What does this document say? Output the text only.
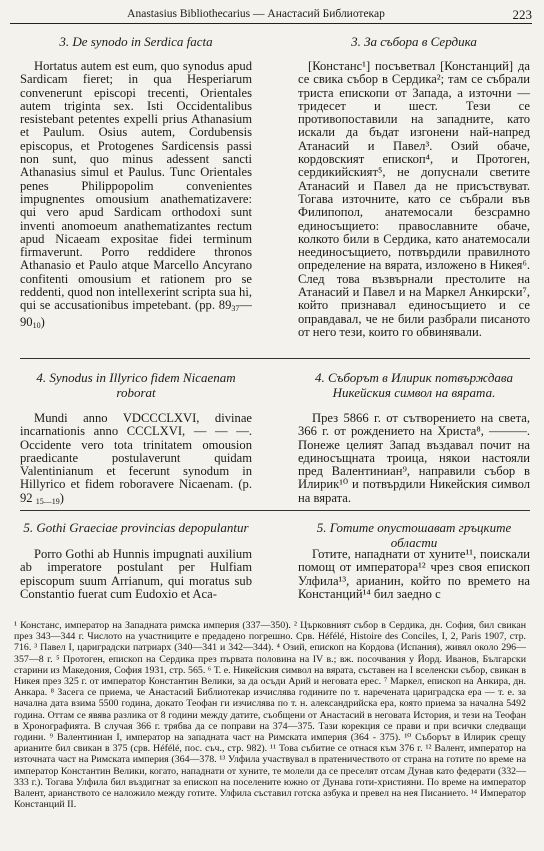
Anastasius Bibliothecarius — Анастасий Библиотекар	223
3. De synodo in Serdica facta

Hortatus autem est eum, quo synodus apud Sardicam fieret; in qua Hesperiarum convenerunt episcopi trecenti, Orientales autem triginta sex. Isti Occidentalibus resistebant petentes expelli prius Athanasium et Paulum. Osius autem, Cordubensis episcopus, et Protogenes Sardicensis passi non sunt, quo minus adessent sancti Athanasius simul et Paulus. Tunc Orientales penes Philippopolim convenientes impugnentes omousium anathematizavere: qui vero apud Sardicam orthodoxi sunt inventi anomoeum anathematizantes rectum apud Nicaeam expositae fidei terminum firmaverunt. Porro reddidere thronos Athanasio et Paulo atque Marcello Ancyrano confitenti omousium et rationem pro se reddenti, quod non intellexerint scripta sua hi, qui se accusationibus impetebant. (pp. 8937—9010)

4. Synodus in Illyrico fidem Nicaenam roborat

Mundi anno VDCCCLXVI, divinae incarnationis anno CCCLXVI, — — —. Occidente vero tota trinitatem omousion praedicante postulaverunt quidam Valentinianum et fecerunt synodum in Hillyrico et fidem roboravere Nicaenam. (p. 92 15—19)

5. Gothi Graeciae provincias depopulantur

Porro Gothi ab Hunnis impugnati auxilium ab imperatore postulant per Hulfiam episcopum suum Arrianum, qui moratus sub Constantio fuerat cum Eudoxio et Aca-

3. За събора в Сердика

[Констанс¹] посъветвал [Констанций] да се свика събор в Сердика²; там се събрали триста епископи от Запада, а източни — тридесет и шест. Тези се противопоставили на западните, като искали да бъдат изгонени най-напред Атанасий и Павел³. Озий обаче, кордовският епископ⁴, и Протоген, сердикийският⁵, не допуснали светите Атанасий и Павел да не присъствуват. Тогава източните, като се събрали във Филипопол, анатемосали безсрамно единосъщието: православните обаче, колкото били в Сердика, като анатемосали неединосъщието, потвърдили правилното определение на вярата, изложено в Никея⁶. След това възвърнали престолите на Атанасий и Павел и на Маркел Анкирски⁷, който признавал единосъщието и се оправдавал, че не били разбрали писаното от него тези, които го обвинявали.

4. Съборът в Илирик потвърждава Никейския символ на вярата.

През 5866 г. от сътворението на света, 366 г. от рождението на Христа⁸, ———. Понеже целият Запад въздавал почит на единосъщната троица, някои настояли пред Валентиниан⁹, направили събор в Илирик¹⁰ и потвърдили Никейския символ на вярата.

5. Готите опустошават гръцките области

Готите, нападнати от хуните¹¹, поискали помощ от императора¹² чрез своя епископ Улфила¹³, арианин, който по времето на Констанций¹⁴ бил заедно с

¹ Констанс, император на Западната римска империя (337—350). ² Църковният събор в Сердика, дн. София, бил свикан през 343—344 г. Числото на участниците е предадено погрешно. Срв. Héfélé, Histoire des Conciles, I, 2, Paris 1907, стр. 716. ³ Павел I, цариградски патриарх (340—341 и 342—344). ⁴ Озий, епископ на Кордова (Испания), живял около 296—357—8 г. ⁵ Протоген, епископ на Сердика през първата половина на IV в.; вж. посочвания у Йорд. Иванов, Български старини из Македония, София 1931, стр. 565. ⁶ Т. е. Никейския символ на вярата, съставен на I вселенски събор, свикан в Никея през 325 г. от император Константин Велики, за да осъди Арий и неговата ерес. ⁷ Маркел, епископ на Анкира, дн. Анкара. ⁸ Засега се приема, че Анастасий Библиотекар изчислява годините по т. наречената цариградска ера — т. е. за начална дата взима 5500 година, докато Теофан ги изчислява по т. н. александрийска ера, която приема за начална 5492 година. Оттам се явява разлика от 8 години между датите, съобщени от Анастасий в неговата История, и тези на Теофан в Хронографията. В случая 366 г. трябва да се поправи на 374—375. Тази корекция се прави и при всички следващи години. ⁹ Валентиниан I, император на западната част на Римската империя (364 - 375). ¹⁰ Съборът в Илирик срещу арианите бил свикан в 375 (срв. Héfélé, пос. съч., стр. 982). ¹¹ Това събитие се отнася към 376 г. ¹² Валент, император на източната част на Римската империя (364—378. ¹³ Улфила участвувал в пратеничеството от страна на готите по време на император Константин Велики, когато, нападнати от хуните, те молели да се преселят отсам Дунав като федерати (332—333 г.). Тогава Улфила бил въздигнат за епископ на поселените южно от Дунава готи-християни. По време на император Валент, арианството се наложило между готите. Улфила съставил готска азбука и превел на нея Писанието. ¹⁴ Император Констанций II.
